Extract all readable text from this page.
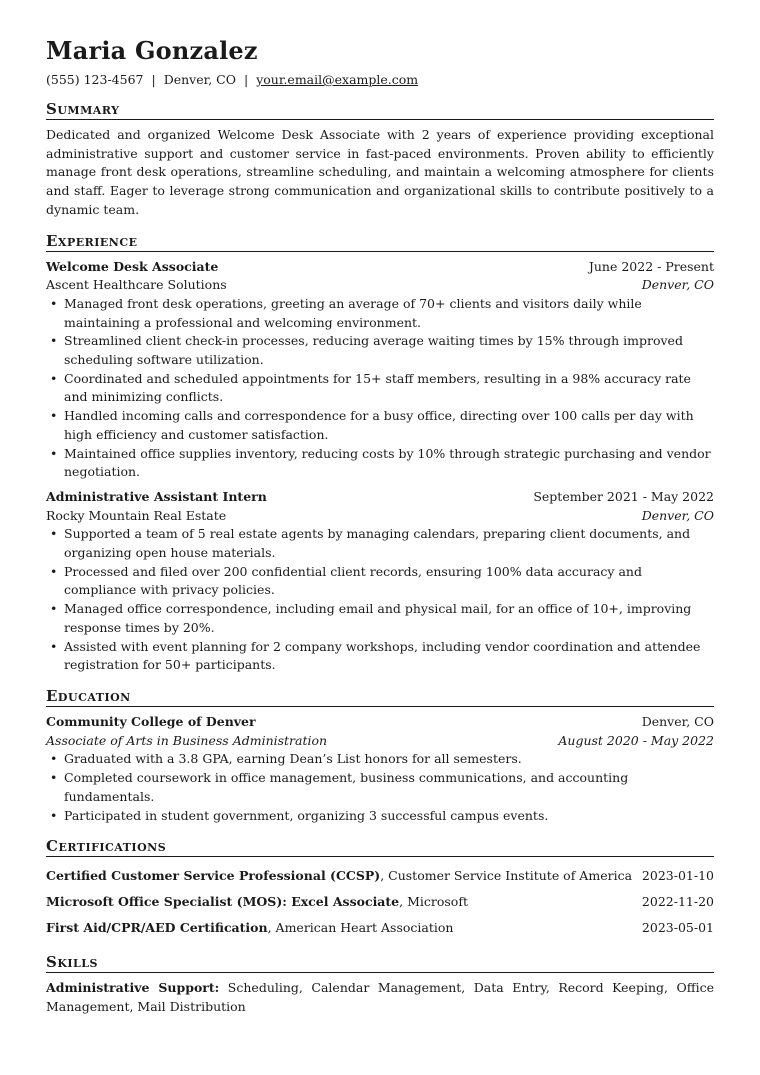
Maria Gonzalez
(555) 123-4567 | Denver, CO | your.email@example.com
Summary

Dedicated and organized Welcome Desk Associate with 2 years of experience providing exceptional administrative support and customer service in fast-paced environments. Proven ability to efficiently manage front desk operations, streamline scheduling, and maintain a welcoming atmosphere for clients and staff. Eager to leverage strong communication and organizational skills to contribute positively to a dynamic team.

Experience
Welcome Desk Associate	June 2022 - Present
Ascent Healthcare Solutions	Denver, CO
• Managed front desk operations, greeting an average of 70+ clients and visitors daily while maintaining a professional and welcoming environment.
• Streamlined client check-in processes, reducing average waiting times by 15% through improved scheduling software utilization.
• Coordinated and scheduled appointments for 15+ staff members, resulting in a 98% accuracy rate and minimizing conflicts.
• Handled incoming calls and correspondence for a busy office, directing over 100 calls per day with high efficiency and customer satisfaction.
• Maintained office supplies inventory, reducing costs by 10% through strategic purchasing and vendor negotiation.
Administrative Assistant Intern	September 2021 - May 2022
Rocky Mountain Real Estate	Denver, CO
• Supported a team of 5 real estate agents by managing calendars, preparing client documents, and organizing open house materials.
• Processed and filed over 200 confidential client records, ensuring 100% data accuracy and compliance with privacy policies.
• Managed office correspondence, including email and physical mail, for an office of 10+, improving response times by 20%.
• Assisted with event planning for 2 company workshops, including vendor coordination and attendee registration for 50+ participants.
Education
Community College of Denver	Denver, CO
Associate of Arts in Business Administration	August 2020 - May 2022
• Graduated with a 3.8 GPA, earning Dean’s List honors for all semesters.
• Completed coursework in office management, business communications, and accounting fundamentals.
• Participated in student government, organizing 3 successful campus events.
Certifications
Certified Customer Service Professional (CCSP), Customer Service Institute of America 2023-01-10
Microsoft Office Specialist (MOS): Excel Associate, Microsoft	2022-11-20
First Aid/CPR/AED Certification, American Heart Association	2023-05-01
Skills

Administrative Support: Scheduling, Calendar Management, Data Entry, Record Keeping, Office Management, Mail Distribution
